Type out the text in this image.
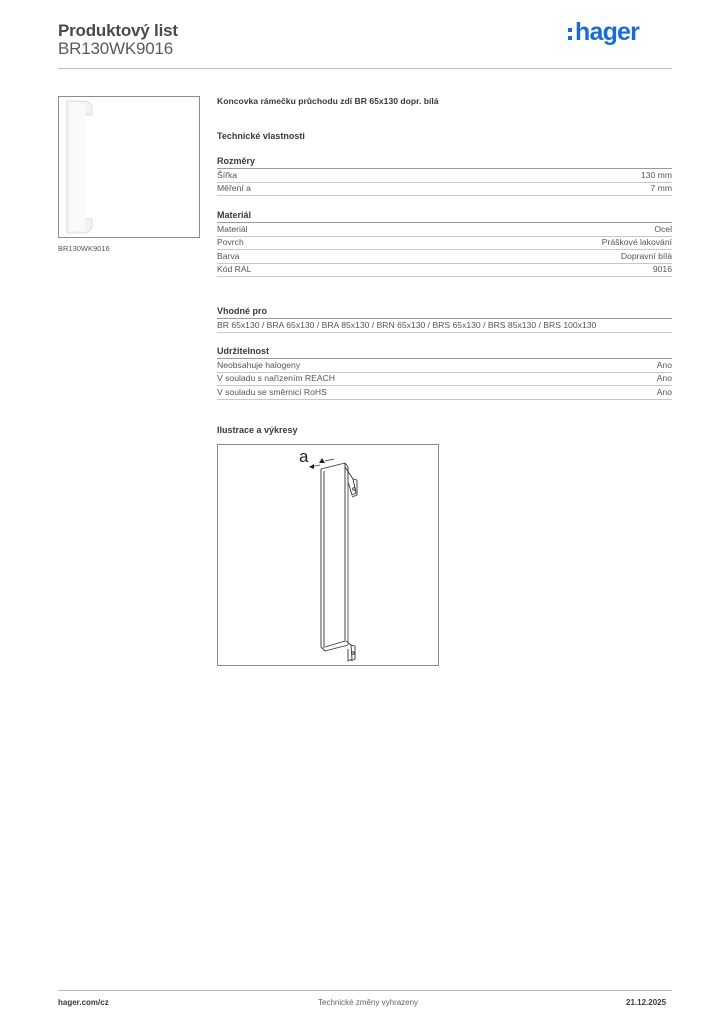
Produktový list
BR130WK9016
hager
BR130WK9016
Koncovka rámečku průchodu zdí BR 65x130 dopr. bílá
Technické vlastnosti
Rozměry
Šířka	130 mm
Měření a	7 mm
Materiál
Materiál	Ocel
Povrch	Práškové lakování
Barva	Dopravní bílá
Kód RAL	9016
Vhodné pro
BR 65x130 / BRA 65x130 / BRA 85x130 / BRN 65x130 / BRS 65x130 / BRS 85x130 / BRS 100x130
Udržitelnost
Neobsahuje halogeny	Ano
V souladu s nařízením REACH	Ano
V souladu se směrnicí RoHS	Ano
Ilustrace a výkresy
a
hager.com/cz	Technické změny vyhrazeny	21.12.2025
